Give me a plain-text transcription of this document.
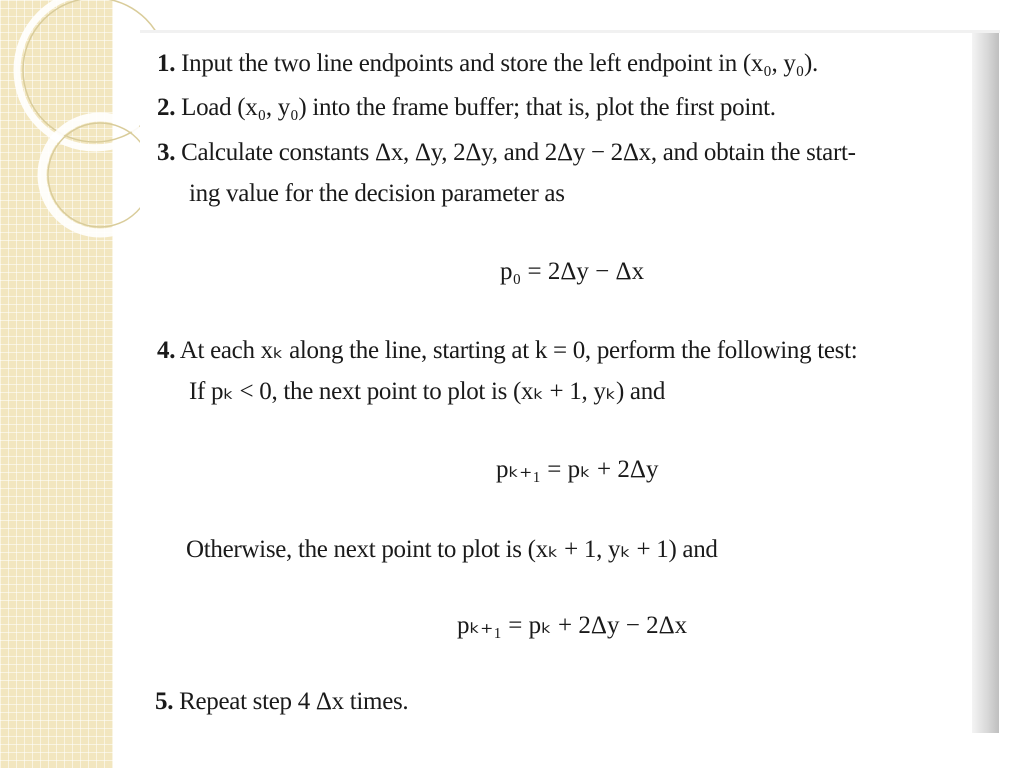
1. Input the two line endpoints and store the left endpoint in (x₀, y₀).
2. Load (x₀, y₀) into the frame buffer; that is, plot the first point.
3. Calculate constants Δx, Δy, 2Δy, and 2Δy − 2Δx, and obtain the start-
ing value for the decision parameter as
p₀ = 2Δy − Δx
4. At each xₖ along the line, starting at k = 0, perform the following test:
If pₖ < 0, the next point to plot is (xₖ + 1, yₖ) and
pₖ₊₁ = pₖ + 2Δy
Otherwise, the next point to plot is (xₖ + 1, yₖ + 1) and
pₖ₊₁ = pₖ + 2Δy − 2Δx
5. Repeat step 4 Δx times.
